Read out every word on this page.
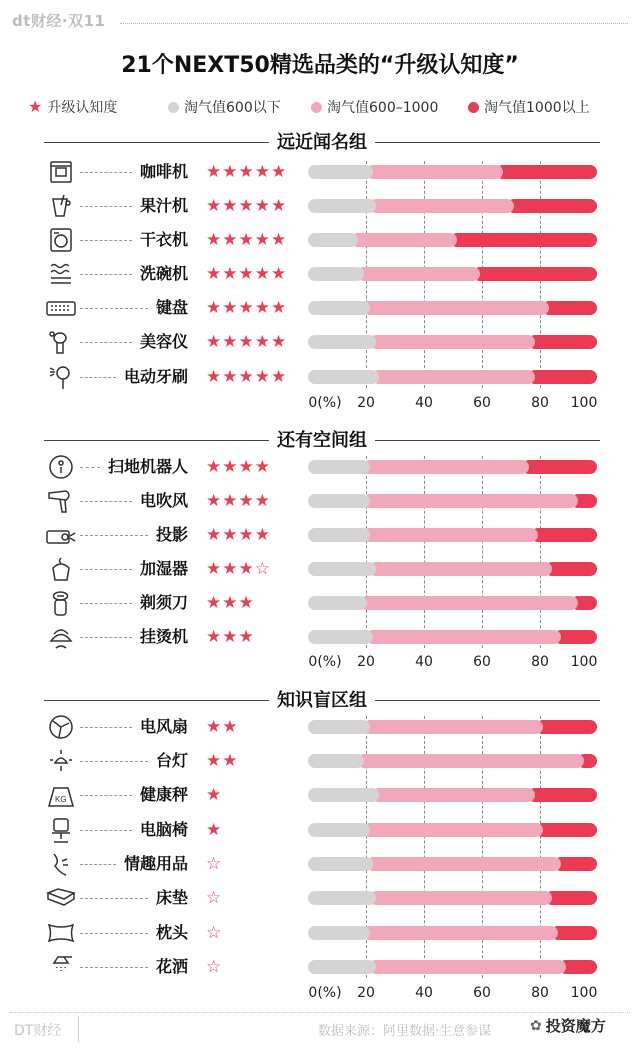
dt财经·双11
21个NEXT50精选品类的“升级认知度”
★ 升级认知度	淘气值600以下	淘气值600–1000	淘气值1000以上
远近闻名组
咖啡机 ★★★★★
果汁机 ★★★★★
干衣机 ★★★★★
洗碗机 ★★★★★
键盘 ★★★★★
美容仪 ★★★★★
电动牙刷 ★★★★★
0(%) 20	40	60	80 100
还有空间组
扫地机器人 ★★★★
电吹风 ★★★★
投影 ★★★★
加湿器 ★★★☆
剃须刀 ★★★
挂烫机 ★★★
0(%) 20	40	60	80 100
知识盲区组
电风扇 ★★
台灯 ★★
KG	健康秤 ★
电脑椅 ★
情趣用品 ☆
床垫 ☆
枕头 ☆
花洒 ☆
0(%) 20	40	60	80 100
DT财经	数据来源：阿里数据·生意参谋	✿ 投资魔方
